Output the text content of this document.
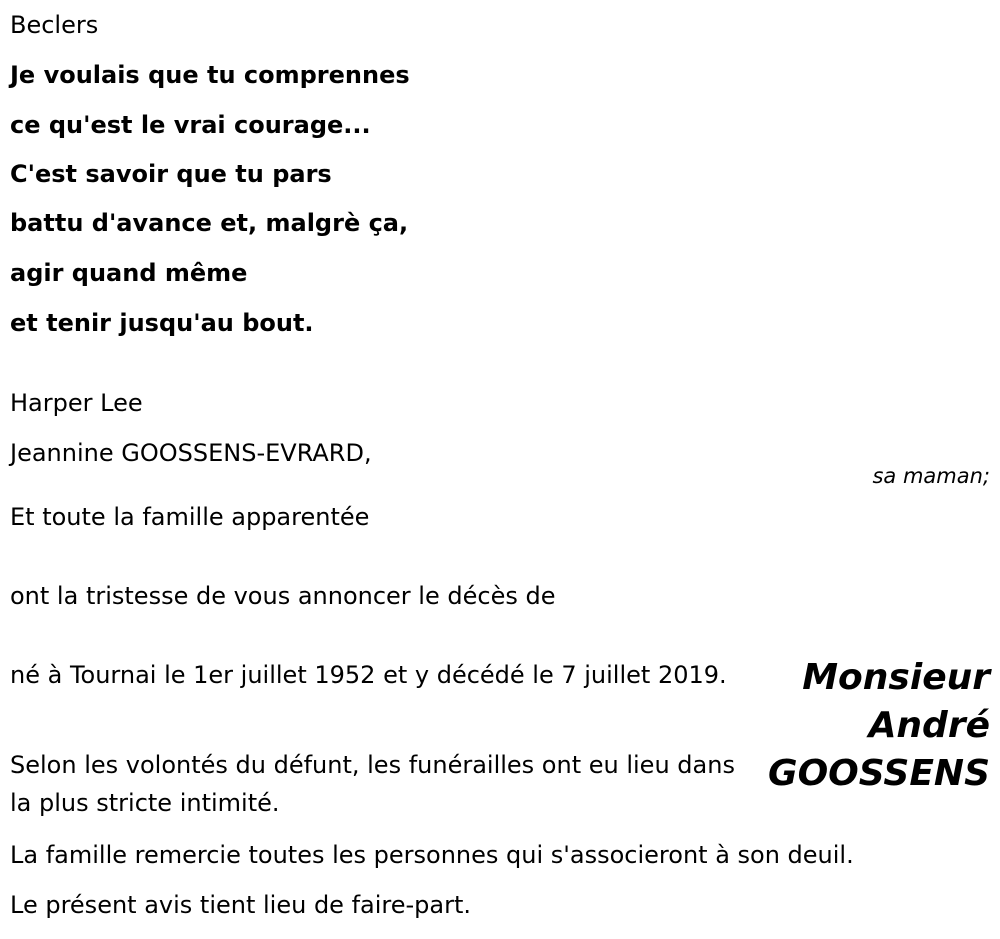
Beclers
Je voulais que tu comprennes
ce qu'est le vrai courage...
C'est savoir que tu pars
battu d'avance et, malgrè ça,
agir quand même
et tenir jusqu'au bout.
Harper Lee
Jeannine GOOSSENS-EVRARD,
sa maman;
Et toute la famille apparentée
ont la tristesse de vous annoncer le décès de
Monsieur
André
GOOSSENS
né à Tournai le 1er juillet 1952 et y décédé le 7 juillet 2019.
Selon les volontés du défunt, les funérailles ont eu lieu dans la plus stricte intimité.
La famille remercie toutes les personnes qui s'associeront à son deuil.
Le présent avis tient lieu de faire-part.
